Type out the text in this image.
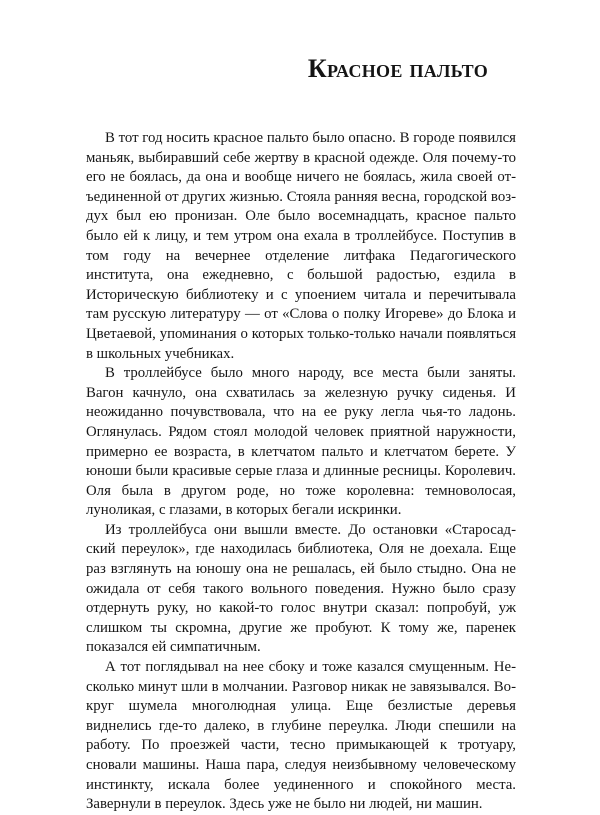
Красное пальто

В тот год носить красное пальто было опасно. В городе появился маньяк, выбиравший себе жертву в красной одежде. Оля почему-то его не боялась, да она и вообще ничего не боялась, жила своей отъединенной от других жизнью. Стояла ранняя весна, городской воздух был ею пронизан. Оле было восемнадцать, красное пальто было ей к лицу, и тем утром она ехала в троллейбусе. Поступив в том году на вечернее отделение литфака Педагогического института, она ежедневно, с большой радостью, ездила в Историческую библиотеку и с упоением читала и перечитывала там русскую литературу — от «Слова о полку Игореве» до Блока и Цветаевой, упоминания о которых только-только начали появляться в школьных учебниках.

В троллейбусе было много народу, все места были заняты. Вагон качнуло, она схватилась за железную ручку сиденья. И неожиданно почувствовала, что на ее руку легла чья-то ладонь. Оглянулась. Рядом стоял молодой человек приятной наружности, примерно ее возраста, в клетчатом пальто и клетчатом берете. У юноши были красивые серые глаза и длинные ресницы. Королевич. Оля была в другом роде, но тоже королевна: темноволосая, луноликая, с глазами, в которых бегали искринки.

Из троллейбуса они вышли вместе. До остановки «Старосадский переулок», где находилась библиотека, Оля не доехала. Еще раз взглянуть на юношу она не решалась, ей было стыдно. Она не ожидала от себя такого вольного поведения. Нужно было сразу отдернуть руку, но какой-то голос внутри сказал: попробуй, уж слишком ты скромна, другие же пробуют. К тому же, паренек показался ей симпатичным.

А тот поглядывал на нее сбоку и тоже казался смущенным. Несколько минут шли в молчании. Разговор никак не завязывался. Вокруг шумела многолюдная улица. Еще безлистые деревья виднелись где-то далеко, в глубине переулка. Люди спешили на работу. По проезжей части, тесно примыкающей к тротуару, сновали машины. Наша пара, следуя неизбывному человеческому инстинкту, искала более уединенного и спокойного места. Завернули в переулок. Здесь уже не было ни людей, ни машин.
